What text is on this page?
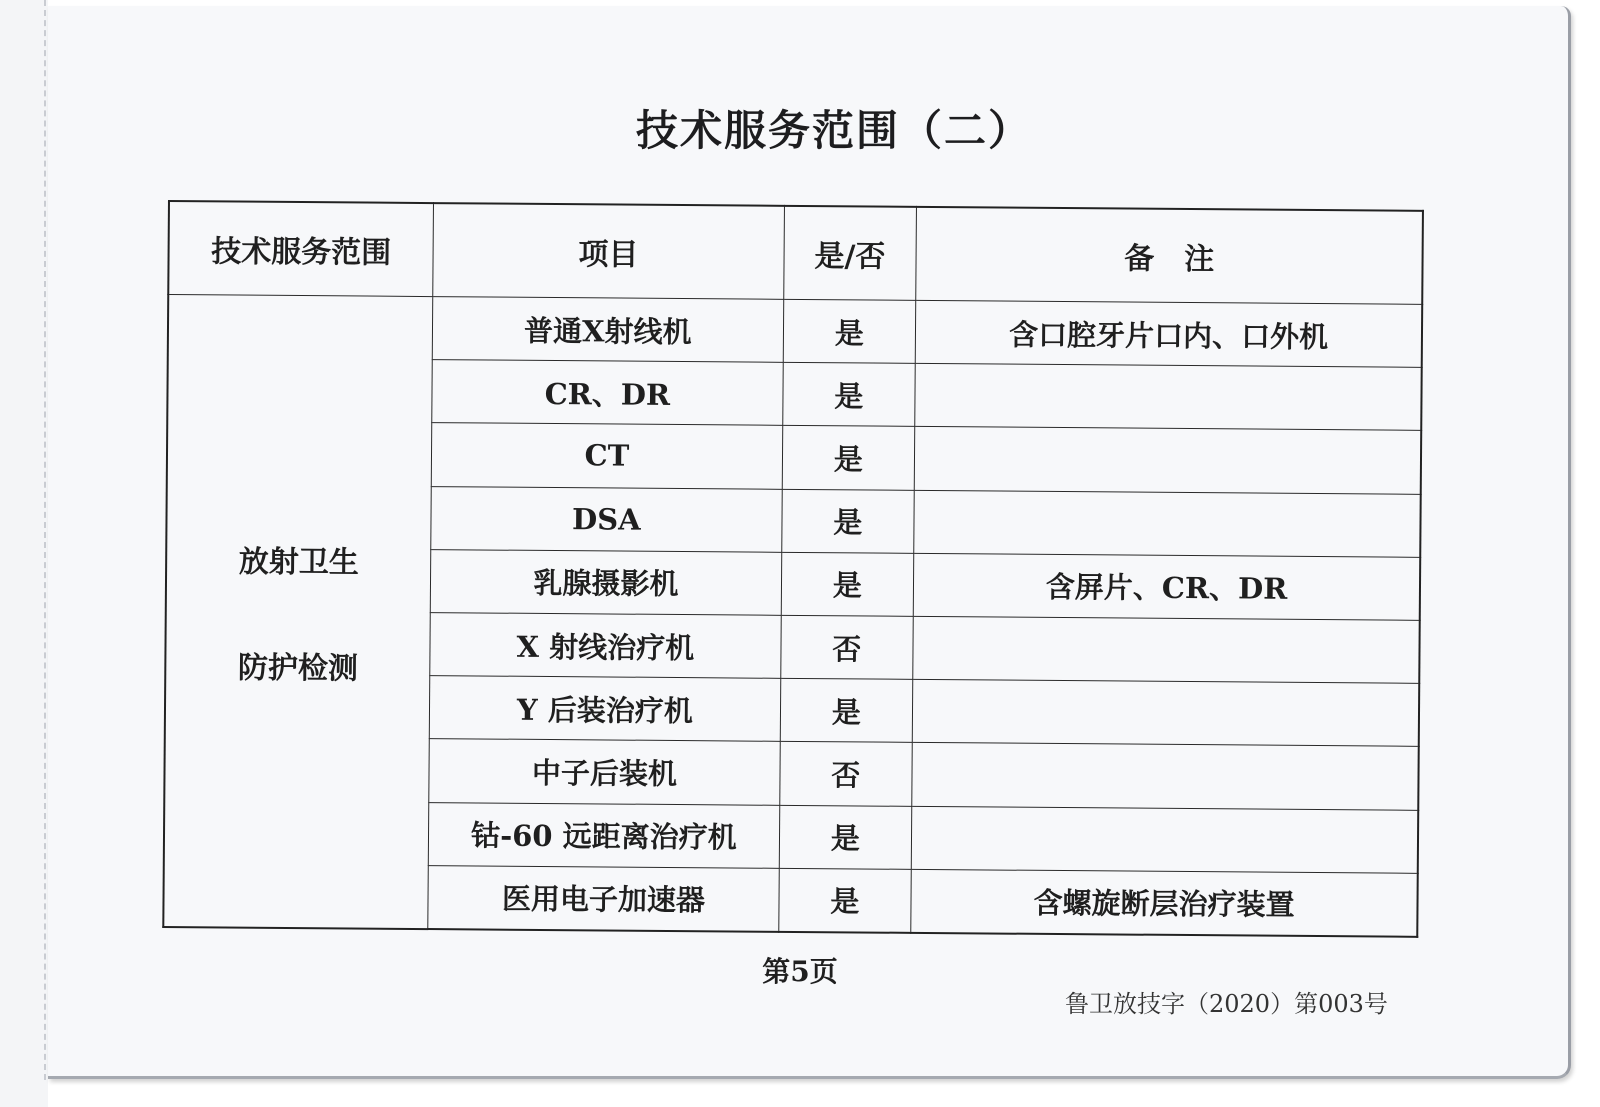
技术服务范围（二）
技术服务范围	项目	是/否	备　注

放射卫生
防护检测	普通X射线机	是	含口腔牙片口内、口外机
	CR、DR	是	
	CT	是	
	DSA	是	
	乳腺摄影机	是	含屏片、CR、DR
	X 射线治疗机	否	
	Y 后装治疗机	是	
	中子后装机	否	
	钴-60 远距离治疗机	是	
	医用电子加速器	是	含螺旋断层治疗装置
第5页
鲁卫放技字（2020）第003号
